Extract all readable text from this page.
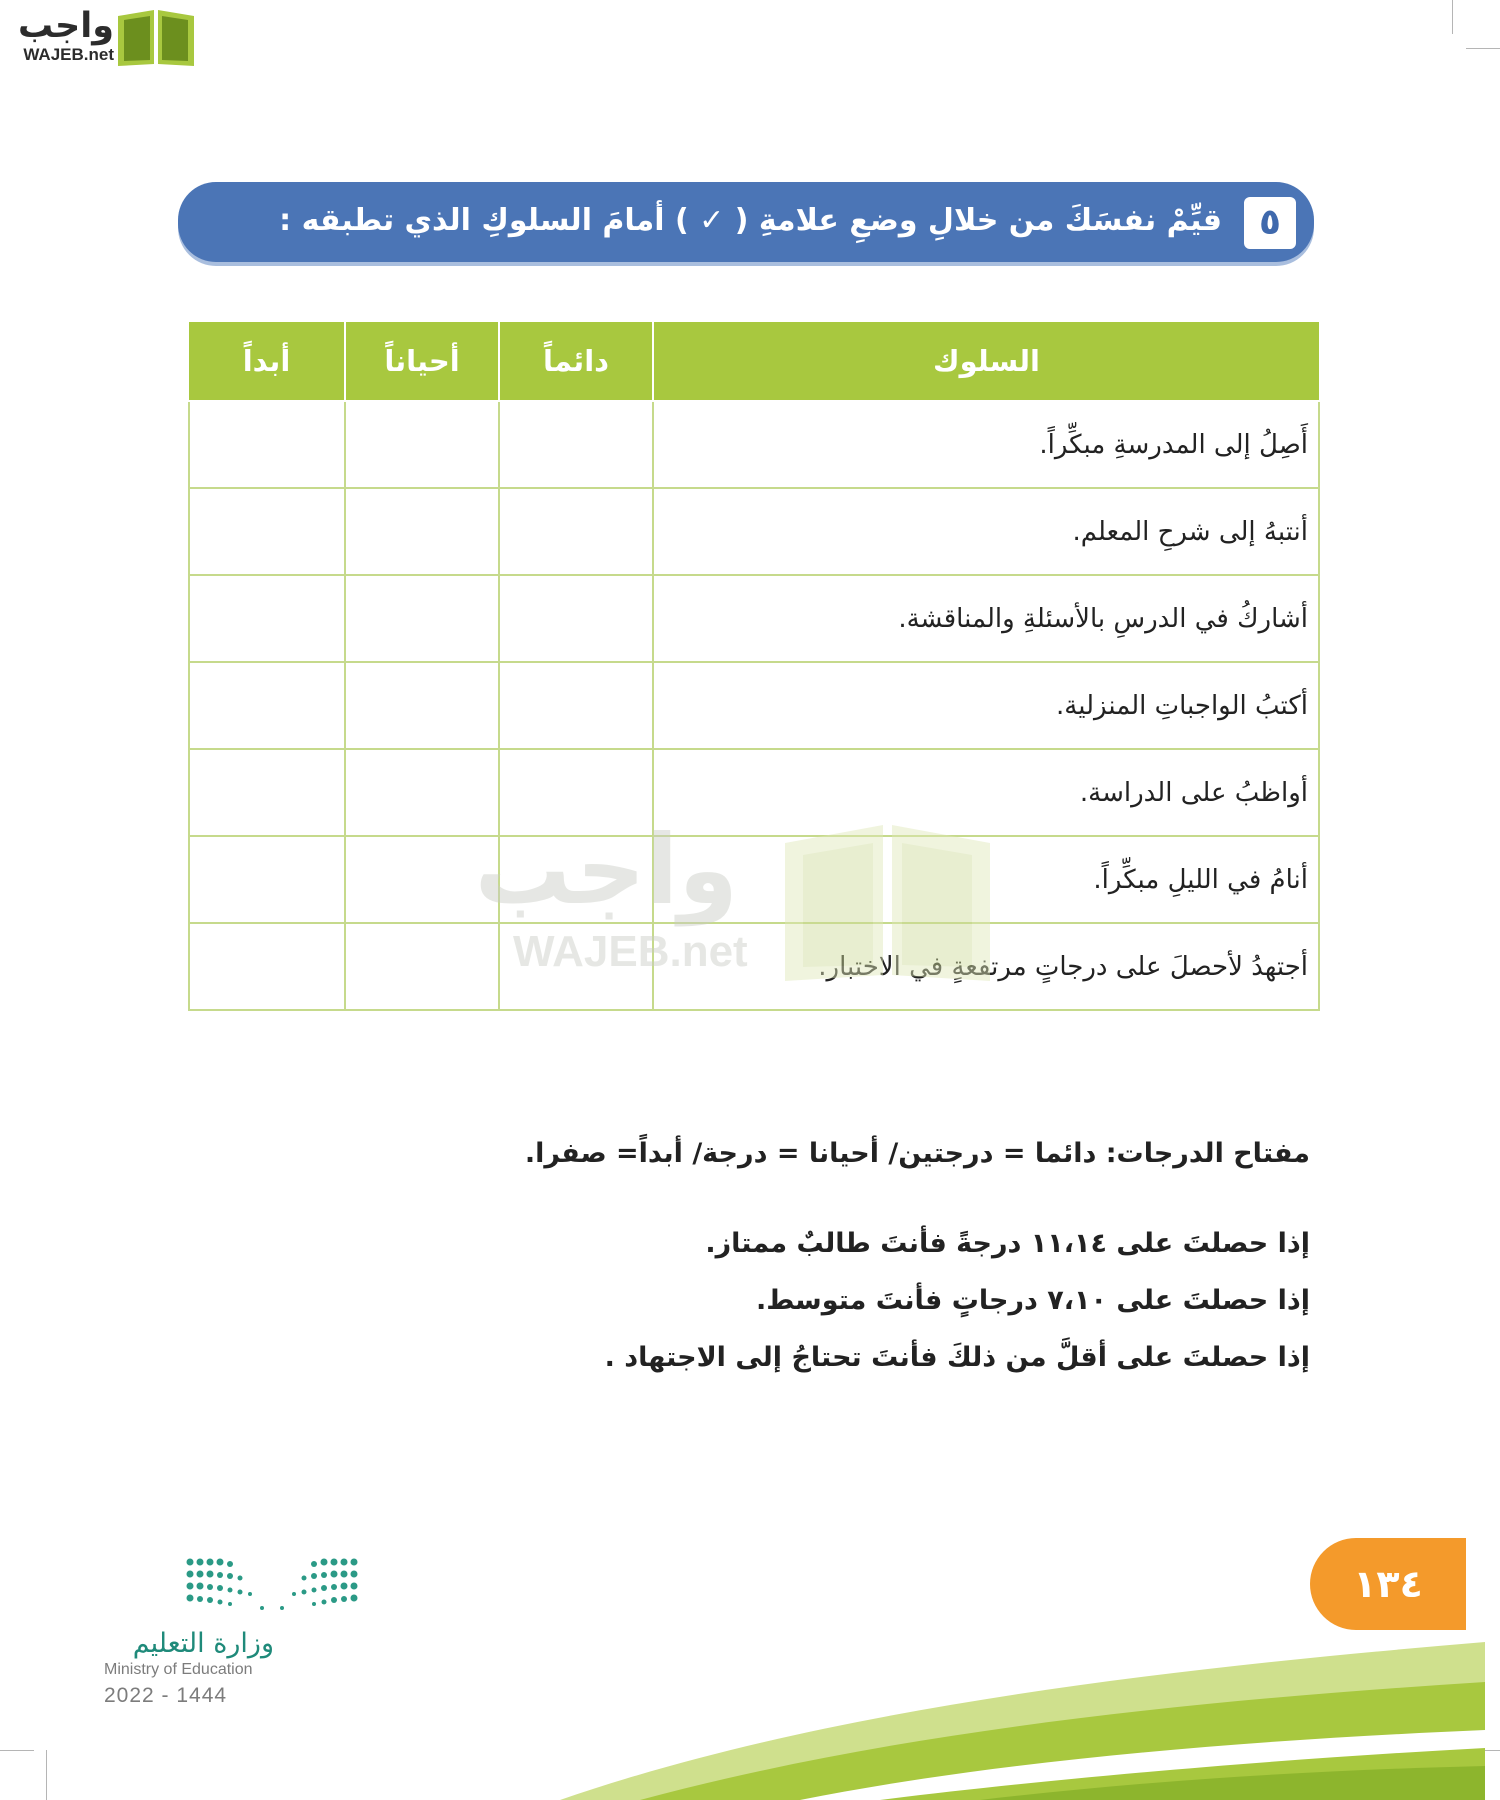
واجب
WAJEB.net
٥
قيِّمْ نفسَكَ من خلالِ وضعِ علامةِ ( ✓ ) أمامَ السلوكِ الذي تطبقه :
السلوك	دائماً	أحياناً	أبداً
أَصِلُ إلى المدرسةِ مبكِّراً.			
أنتبهُ إلى شرحِ المعلم.			
أشاركُ في الدرسِ بالأسئلةِ والمناقشة.			
أكتبُ الواجباتِ المنزلية.			
أواظبُ على الدراسة.			
أنامُ في الليلِ مبكِّراً.			
أجتهدُ لأحصلَ على درجاتٍ مرتفعةٍ في الاختبار.			
واجب
WAJEB.net
مفتاح الدرجات: دائما = درجتين/ أحيانا = درجة/ أبداً= صفرا.
إذا حصلتَ على ١١،١٤ درجةً فأنتَ طالبٌ ممتاز.
إذا حصلتَ على ٧،١٠ درجاتٍ فأنتَ متوسط.
إذا حصلتَ على أقلَّ من ذلكَ فأنتَ تحتاجُ إلى الاجتهاد .
وزارة التعليم
Ministry of Education
2022 - 1444
١٣٤
